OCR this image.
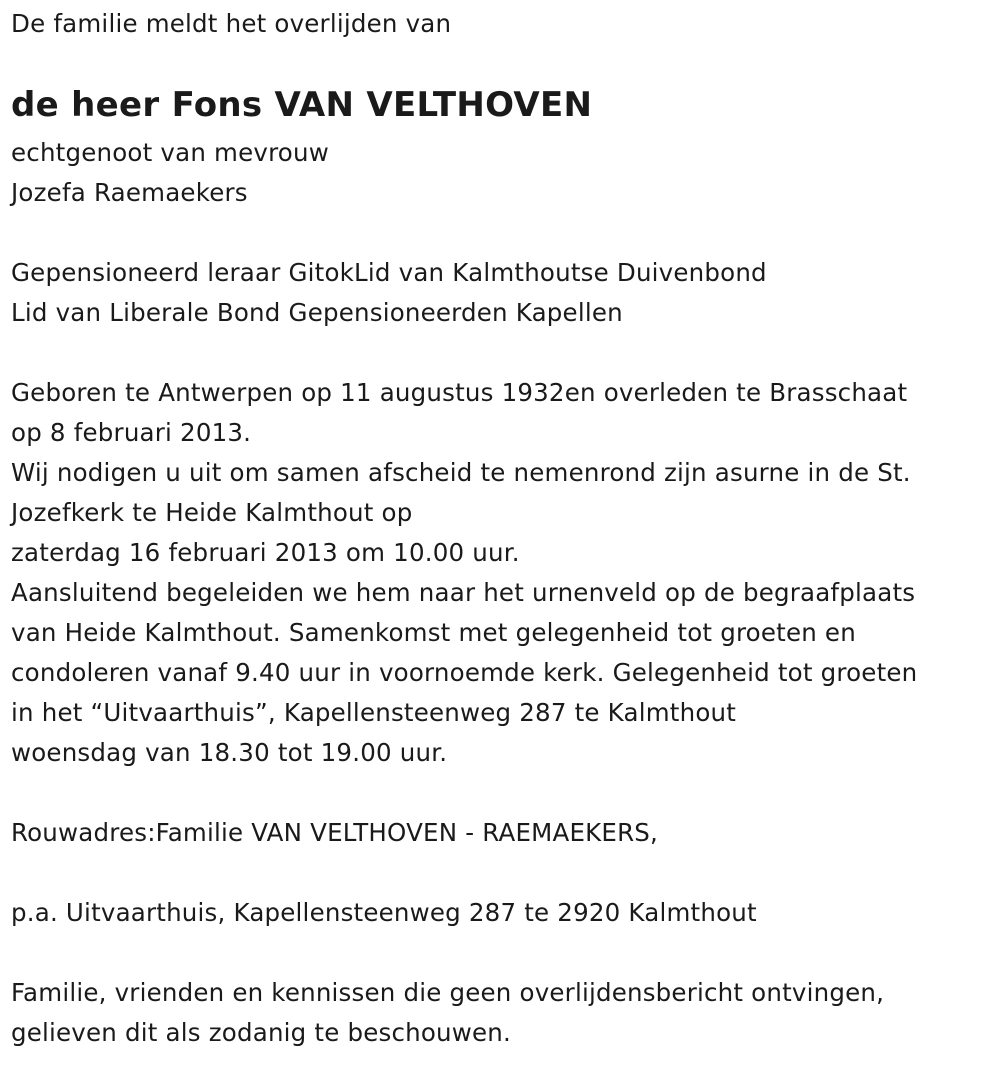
De familie meldt het overlijden van
de heer Fons VAN VELTHOVEN
echtgenoot van mevrouw
Jozefa Raemaekers
Gepensioneerd leraar GitokLid van Kalmthoutse Duivenbond
Lid van Liberale Bond Gepensioneerden Kapellen
Geboren te Antwerpen op 11 augustus 1932en overleden te Brasschaat
op 8 februari 2013.
Wij nodigen u uit om samen afscheid te nemenrond zijn asurne in de St.
Jozefkerk te Heide Kalmthout op
zaterdag 16 februari 2013 om 10.00 uur.
Aansluitend begeleiden we hem naar het urnenveld op de begraafplaats
van Heide Kalmthout. Samenkomst met gelegenheid tot groeten en
condoleren vanaf 9.40 uur in voornoemde kerk. Gelegenheid tot groeten
in het “Uitvaarthuis”, Kapellensteenweg 287 te Kalmthout
woensdag van 18.30 tot 19.00 uur.
Rouwadres:Familie VAN VELTHOVEN - RAEMAEKERS,
p.a. Uitvaarthuis, Kapellensteenweg 287 te 2920 Kalmthout
Familie, vrienden en kennissen die geen overlijdensbericht ontvingen,
gelieven dit als zodanig te beschouwen.
